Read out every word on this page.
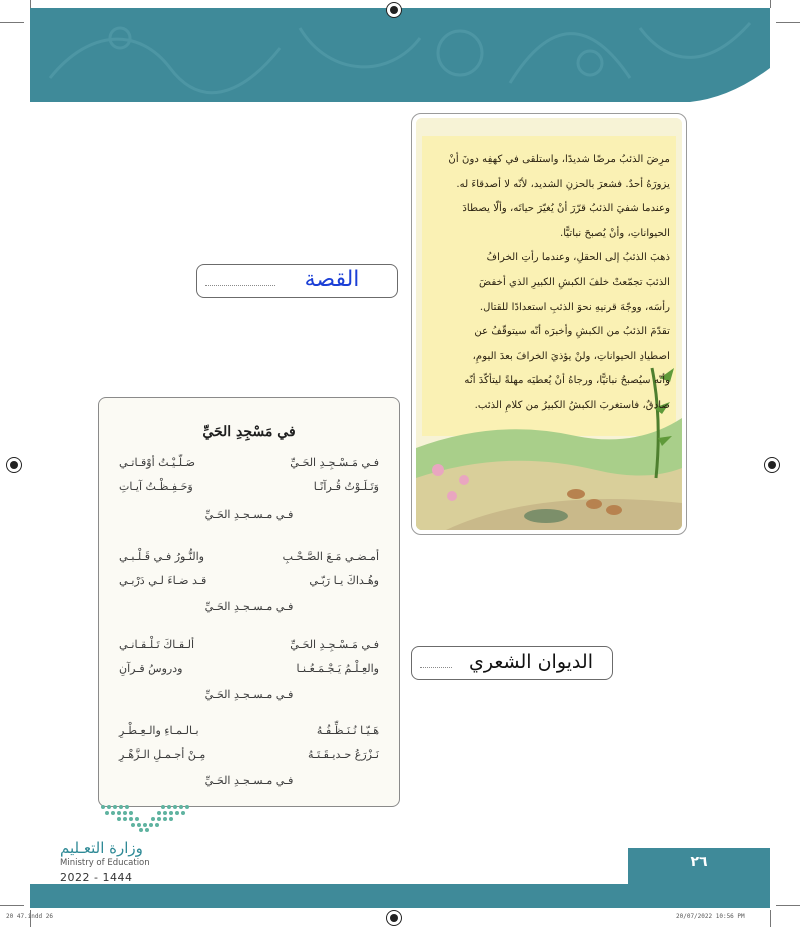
مرِضَ الذئبُ مرضًا شديدًا، واستلقى في كهفِه دونَ أنْ
يزورَهُ أحدٌ. فشعرَ بالحزنِ الشديد، لأنّه لا أصدقاءَ له.
وعندما شفيَ الذئبُ قرّرَ أنْ يُغيّرَ حياتَه، وألّا يصطادَ
الحيواناتِ، وأنْ يُصبحَ نباتيًّا.
ذهبَ الذئبُ إلى الحقلِ، وعندما رأتِ الخرافُ
الذئبَ تجمّعتْ خلفَ الكبشِ الكبيرِ الذي أخفضَ
رأسَه، ووجّهَ قرنيهِ نحوَ الذئبِ استعدادًا للقتال.
تقدّمَ الذئبُ من الكبشِ وأخبرَه أنّه سيتوقّفُ عن
اصطيادِ الحيواناتِ، ولنْ يؤذيَ الخرافَ بعدَ اليومِ،
وأنّه سيُصبحُ نباتيًّا، ورجاهُ أنْ يُعطيَه مهلةً ليتأكّدَ أنّه
صادقٌ، فاستغربَ الكبشُ الكبيرُ من كلامِ الذئب.
القصة
الديوان الشعري
في مَسْجِدِ الحَيِّ
فـي مَـسْـجِـدِ الحَـيِّ
صَـلّـيْـتُ أوْقـاتـي
وَتَـلَـوْتُ قُـرآنًـا
وَحَـفِـظْـتُ آيـاتِ
فـي مـسـجـدِ الحَـيِّ
أمـضـي مَـعَ الصَّـحْـبِ
والنُّـورُ فـي قَـلْـبـي
وهُـداكَ يـا رَبّـي
قـد ضـاءَ لـي دَرْبـي
فـي مـسـجـدِ الحَـيِّ
فـي مَـسْـجِـدِ الحَـيِّ
ألـقـاكَ تَـلْـقـانـي
والعِـلْـمُ يَـجْـمَـعُـنـا
ودروسُ قـرآنِ
فـي مـسـجـدِ الحَـيِّ
هَـيّـا نُـنَـظِّـفُـهُ
بـالـمـاءِ والـعِـطْـرِ
نَـزْرَعُ حـديـقَـتَـهُ
مِـنْ أجـمـلِ الـزَّهْـرِ
فـي مـسـجـدِ الحَـيِّ
وزارة التعـليم
Ministry of Education
2022 - 1444
٢٦
20 47.indd 26	20/07/2022 10:56 PM
